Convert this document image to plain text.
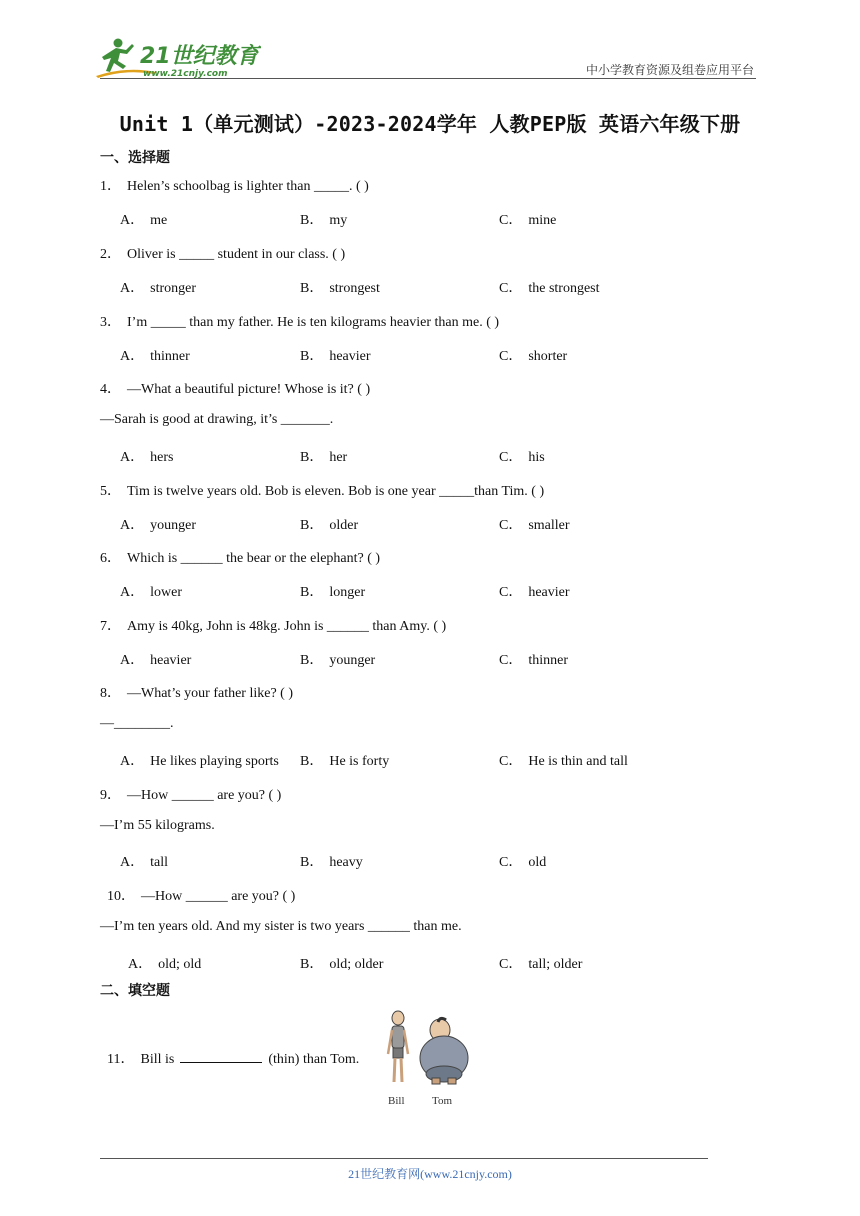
21世纪教育
www.21cnjy.com	中小学教育资源及组卷应用平台
Unit 1（单元测试）-2023-2024学年 人教PEP版 英语六年级下册
一、选择题
1． Helen’s schoolbag is lighter than _____. ( )
A． me	B． my	C． mine
2． Oliver is _____ student in our class. ( )
A． stronger	B． strongest	C． the strongest
3． I’m _____ than my father. He is ten kilograms heavier than me. ( )
A． thinner	B． heavier	C． shorter
4． —What a beautiful picture! Whose is it? ( )
—Sarah is good at drawing, it’s _______.
A． hers	B． her	C． his
5． Tim is twelve years old. Bob is eleven. Bob is one year _____than Tim. ( )
A． younger	B． older	C． smaller
6． Which is ______ the bear or the elephant? ( )
A． lower	B． longer	C． heavier
7． Amy is 40kg, John is 48kg. John is ______ than Amy. ( )
A． heavier	B． younger	C． thinner
8． —What’s your father like? ( )
—________.
A． He likes playing sports B． He is forty	C． He is thin and tall
9． —How ______ are you? ( )
—I’m 55 kilograms.
A． tall	B． heavy	C． old
10． —How ______ are you? ( )
—I’m ten years old. And my sister is two years ______ than me.
A． old; old	B． old; older	C． tall; older
二、填空题
11． Bill is	(thin) than Tom.
Bill Tom
21世纪教育网(www.21cnjy.com)
